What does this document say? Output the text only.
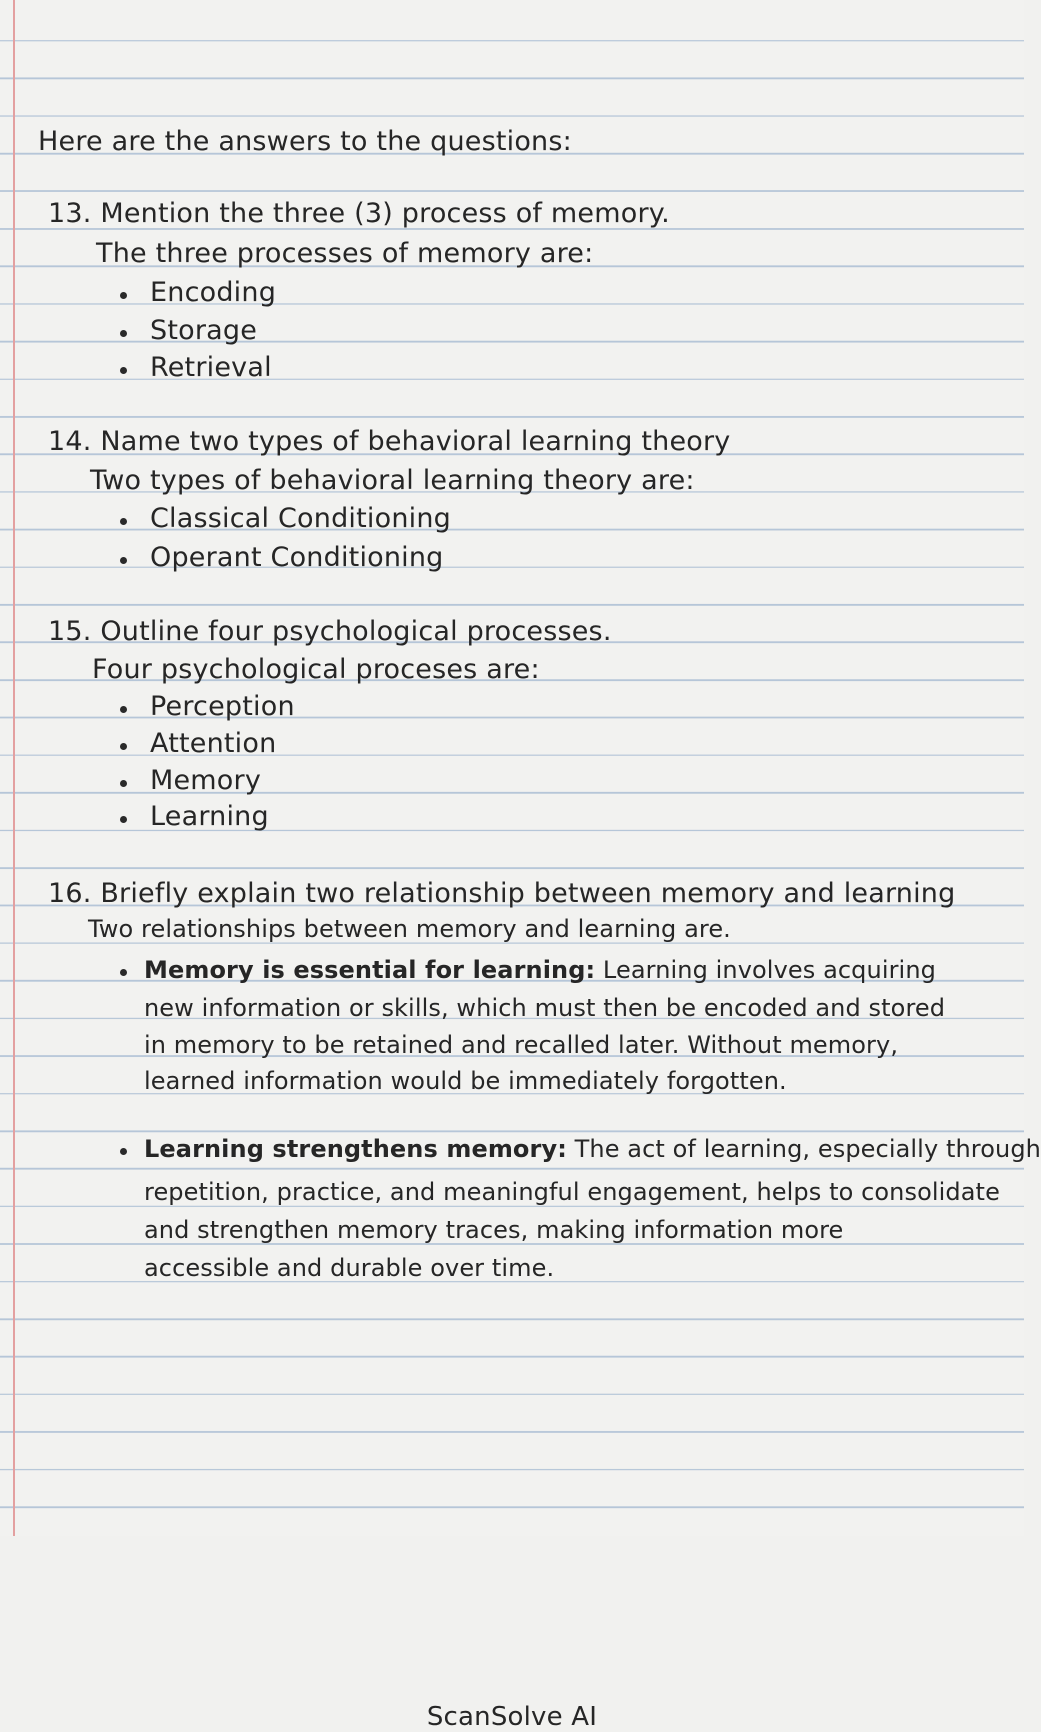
Here are the answers to the questions:
13. Mention the three (3) process of memory.
The three processes of memory are:
Encoding
Storage
Retrieval
14. Name two types of behavioral learning theory
Two types of behavioral learning theory are:
Classical Conditioning
Operant Conditioning
15. Outline four psychological processes.
Four psychological proceses are:
Perception
Attention
Memory
Learning
16. Briefly explain two relationship between memory and learning
Two relationships between memory and learning are.
Memory is essential for learning: Learning involves acquiring
new information or skills, which must then be encoded and stored
in memory to be retained and recalled later. Without memory,
learned information would be immediately forgotten.
Learning strengthens memory: The act of learning, especially through
repetition, practice, and meaningful engagement, helps to consolidate
and strengthen memory traces, making information more
accessible and durable over time.
ScanSolve AI
